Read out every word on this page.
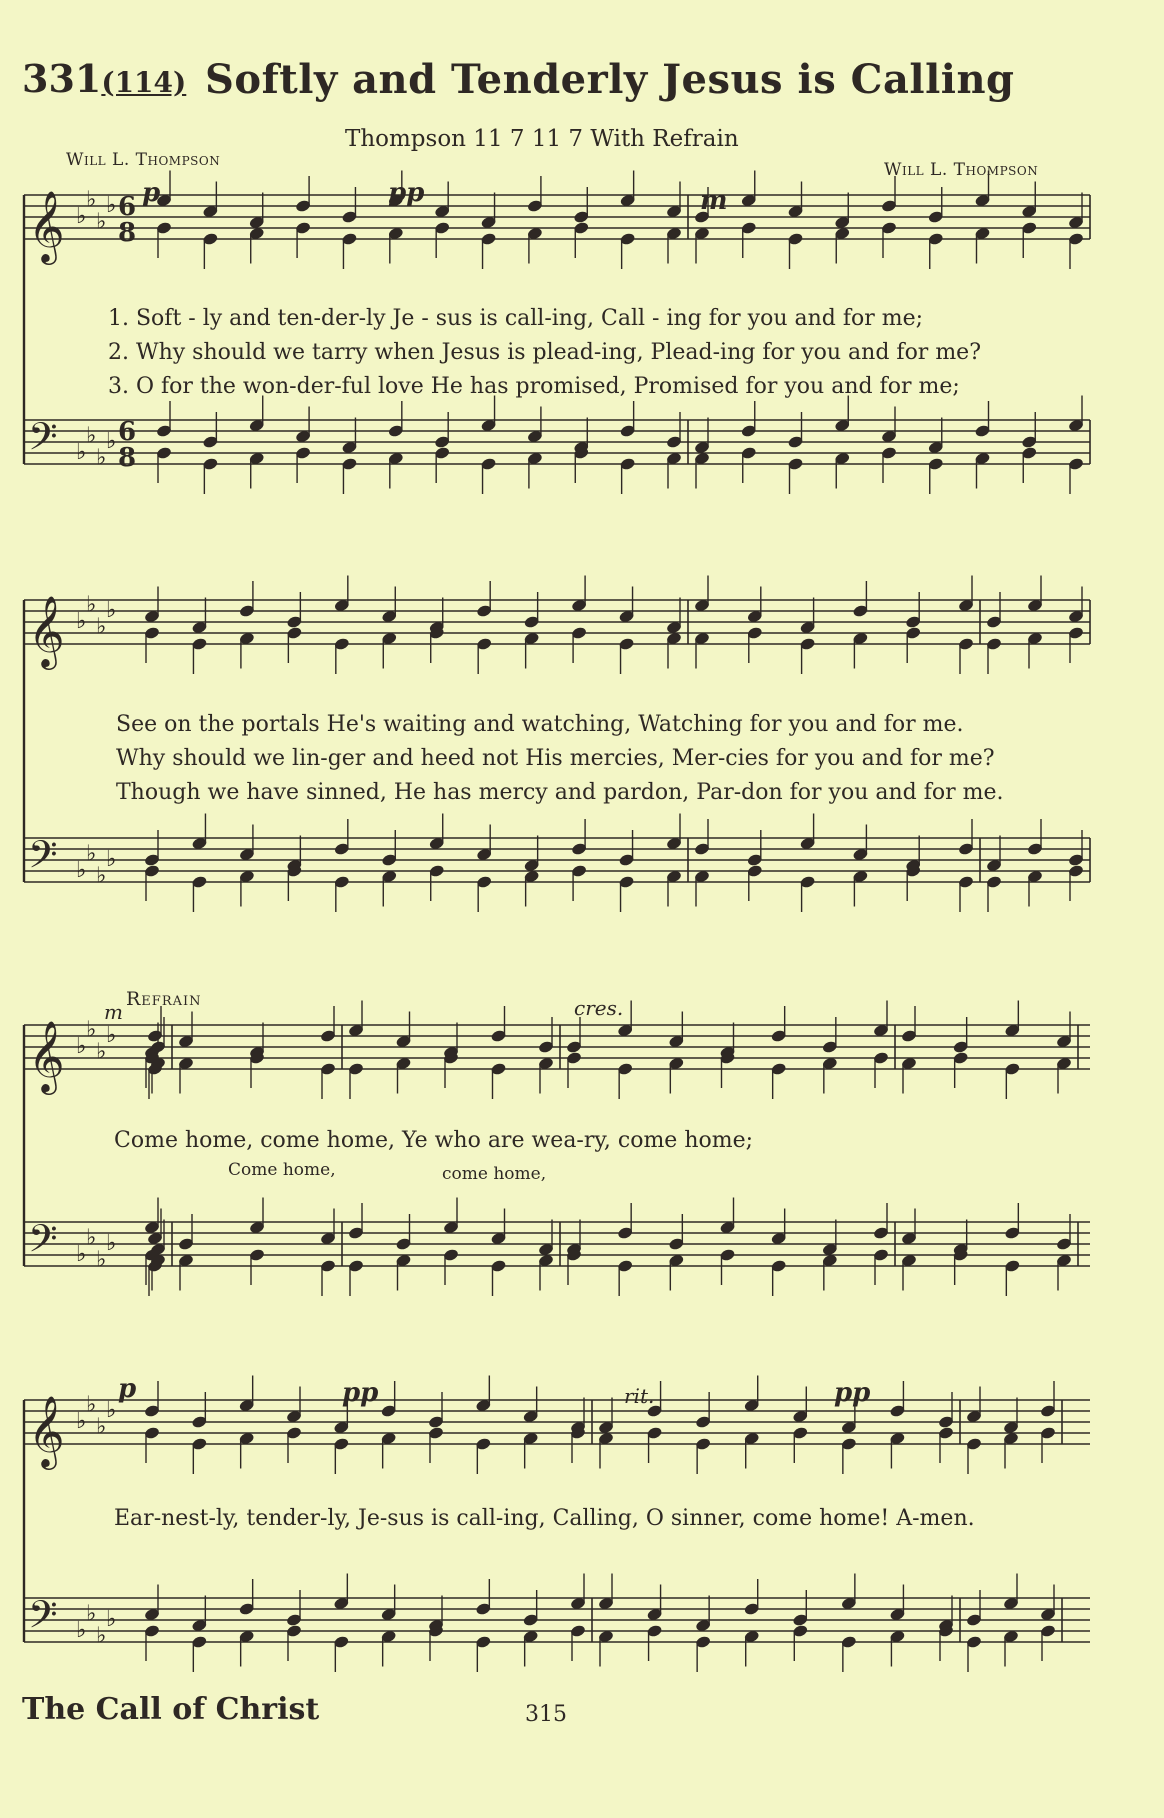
331(114) Softly and Tenderly Jesus is Calling
Thompson 11 7 11 7 With Refrain
Will L. Thompson	Will L. Thompson
𝄞 ♭
♭
♭
♭ 6
8
𝄢 ♭
♭
♭
♭ 6
8
𝄞 ♭
♭
♭
♭
𝄢 ♭
♭
♭
♭
𝄞 ♭
♭
♭
♭
𝄢 ♭
♭
♭
♭
𝄞 ♭
♭
♭
♭
𝄢 ♭
♭
♭
♭
p	pp	m
1. Soft - ly and ten-der-ly Je - sus is call-ing, Call - ing for you and for me;
2. Why should we tarry when Jesus is plead-ing, Plead-ing for you and for me?
3. O for the won-der-ful love He has promised, Promised for you and for me;
See on the portals He's waiting and watching, Watching for you and for me.
Why should we lin-ger and heed not His mercies, Mer-cies for you and for me?
Though we have sinned, He has mercy and pardon, Par-don for you and for me.
m
Refrain	cres.
Come home, come home, Ye who are wea-ry, come home;
Come home,	come home,
p	pp	rit.	pp
Ear-nest-ly, tender-ly, Je-sus is call-ing, Calling, O sinner, come home! A-men.
The Call of Christ	315
